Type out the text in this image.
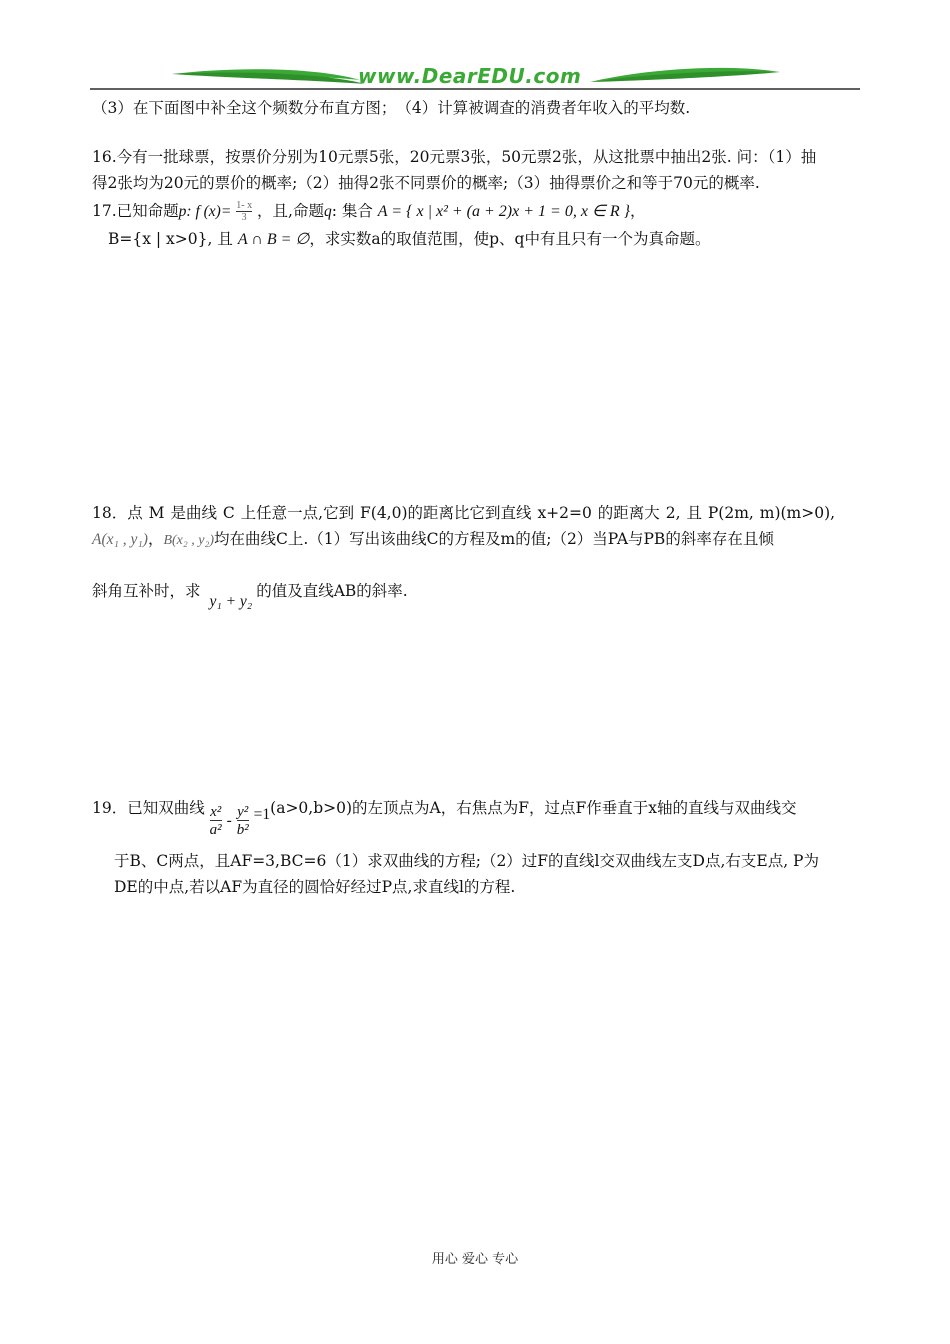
www.DearEDU.com
（3）在下面图中补全这个频数分布直方图；　（4）计算被调查的消费者年收入的平均数.
16.今有一批球票，按票价分别为10元票5张，20元票3张，50元票2张，从这批票中抽出2张. 问：（1）抽
得2张均为20元的票价的概率;（2）抽得2张不同票价的概率;（3）抽得票价之和等于70元的概率.
17.已知命题p: f $(x)= \frac{1- x}{3}$ ，且,命题q: 集合 A = { x | x² + (a + 2)x + 1 = 0, x ∈ R }，
B={x | x>0}, 且 A ∩ B = ∅，求实数a的取值范围，使p、q中有且只有一个为真命题。
18．点 M 是曲线 C 上任意一点,它到 F(4,0)的距离比它到直线 x+2=0 的距离大 2, 且 P(2m, m)(m>0),
A(x₁ , y₁)，B(x₂ , y₂)均在曲线C上.（1）写出该曲线C的方程及m的值;（2）当PA与PB的斜率存在且倾
斜角互补时，求 y₁ + y₂的值及直线AB的斜率.
19．已知双曲线 $\frac{\text{x²}}{\text{a²}} - \frac{\text{y²}}{\text{b²}} =1(a>0,b>0)$的左顶点为A，右焦点为F，过点F作垂直于x轴的直线与双曲线交
于B、C两点，且AF=3,BC=6（1）求双曲线的方程;（2）过F的直线l交双曲线左支D点,右支E点, P为
DE的中点,若以AF为直径的圆恰好经过P点,求直线l的方程.
用心 爱心 专心
